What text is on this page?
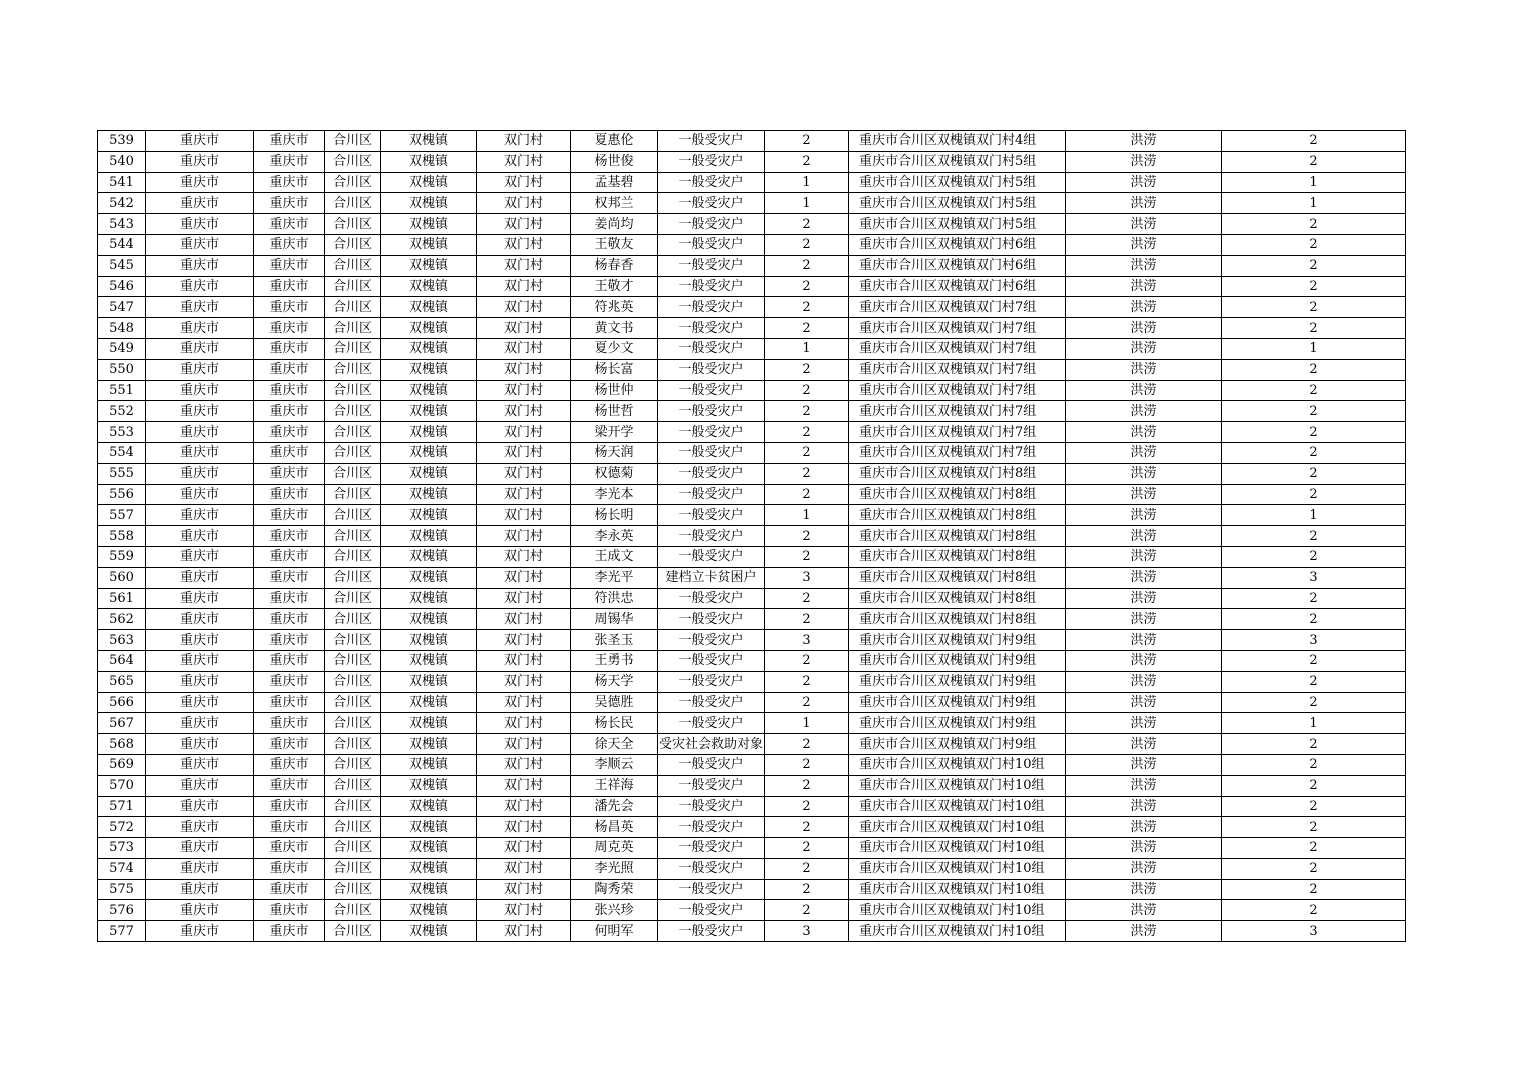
539	重庆市	重庆市	合川区	双槐镇	双门村	夏惠伦	一般受灾户	2	重庆市合川区双槐镇双门村4组	洪涝	2
540	重庆市	重庆市	合川区	双槐镇	双门村	杨世俊	一般受灾户	2	重庆市合川区双槐镇双门村5组	洪涝	2
541	重庆市	重庆市	合川区	双槐镇	双门村	孟基碧	一般受灾户	1	重庆市合川区双槐镇双门村5组	洪涝	1
542	重庆市	重庆市	合川区	双槐镇	双门村	权邦兰	一般受灾户	1	重庆市合川区双槐镇双门村5组	洪涝	1
543	重庆市	重庆市	合川区	双槐镇	双门村	姜尚均	一般受灾户	2	重庆市合川区双槐镇双门村5组	洪涝	2
544	重庆市	重庆市	合川区	双槐镇	双门村	王敬友	一般受灾户	2	重庆市合川区双槐镇双门村6组	洪涝	2
545	重庆市	重庆市	合川区	双槐镇	双门村	杨春香	一般受灾户	2	重庆市合川区双槐镇双门村6组	洪涝	2
546	重庆市	重庆市	合川区	双槐镇	双门村	王敬才	一般受灾户	2	重庆市合川区双槐镇双门村6组	洪涝	2
547	重庆市	重庆市	合川区	双槐镇	双门村	符兆英	一般受灾户	2	重庆市合川区双槐镇双门村7组	洪涝	2
548	重庆市	重庆市	合川区	双槐镇	双门村	黄文书	一般受灾户	2	重庆市合川区双槐镇双门村7组	洪涝	2
549	重庆市	重庆市	合川区	双槐镇	双门村	夏少文	一般受灾户	1	重庆市合川区双槐镇双门村7组	洪涝	1
550	重庆市	重庆市	合川区	双槐镇	双门村	杨长富	一般受灾户	2	重庆市合川区双槐镇双门村7组	洪涝	2
551	重庆市	重庆市	合川区	双槐镇	双门村	杨世仲	一般受灾户	2	重庆市合川区双槐镇双门村7组	洪涝	2
552	重庆市	重庆市	合川区	双槐镇	双门村	杨世哲	一般受灾户	2	重庆市合川区双槐镇双门村7组	洪涝	2
553	重庆市	重庆市	合川区	双槐镇	双门村	梁开学	一般受灾户	2	重庆市合川区双槐镇双门村7组	洪涝	2
554	重庆市	重庆市	合川区	双槐镇	双门村	杨天润	一般受灾户	2	重庆市合川区双槐镇双门村7组	洪涝	2
555	重庆市	重庆市	合川区	双槐镇	双门村	权德菊	一般受灾户	2	重庆市合川区双槐镇双门村8组	洪涝	2
556	重庆市	重庆市	合川区	双槐镇	双门村	李光本	一般受灾户	2	重庆市合川区双槐镇双门村8组	洪涝	2
557	重庆市	重庆市	合川区	双槐镇	双门村	杨长明	一般受灾户	1	重庆市合川区双槐镇双门村8组	洪涝	1
558	重庆市	重庆市	合川区	双槐镇	双门村	李永英	一般受灾户	2	重庆市合川区双槐镇双门村8组	洪涝	2
559	重庆市	重庆市	合川区	双槐镇	双门村	王成文	一般受灾户	2	重庆市合川区双槐镇双门村8组	洪涝	2
560	重庆市	重庆市	合川区	双槐镇	双门村	李光平	建档立卡贫困户	3	重庆市合川区双槐镇双门村8组	洪涝	3
561	重庆市	重庆市	合川区	双槐镇	双门村	符洪忠	一般受灾户	2	重庆市合川区双槐镇双门村8组	洪涝	2
562	重庆市	重庆市	合川区	双槐镇	双门村	周锡华	一般受灾户	2	重庆市合川区双槐镇双门村8组	洪涝	2
563	重庆市	重庆市	合川区	双槐镇	双门村	张圣玉	一般受灾户	3	重庆市合川区双槐镇双门村9组	洪涝	3
564	重庆市	重庆市	合川区	双槐镇	双门村	王勇书	一般受灾户	2	重庆市合川区双槐镇双门村9组	洪涝	2
565	重庆市	重庆市	合川区	双槐镇	双门村	杨天学	一般受灾户	2	重庆市合川区双槐镇双门村9组	洪涝	2
566	重庆市	重庆市	合川区	双槐镇	双门村	吴德胜	一般受灾户	2	重庆市合川区双槐镇双门村9组	洪涝	2
567	重庆市	重庆市	合川区	双槐镇	双门村	杨长民	一般受灾户	1	重庆市合川区双槐镇双门村9组	洪涝	1
568	重庆市	重庆市	合川区	双槐镇	双门村	徐天全	受灾社会救助对象	2	重庆市合川区双槐镇双门村9组	洪涝	2
569	重庆市	重庆市	合川区	双槐镇	双门村	李顺云	一般受灾户	2	重庆市合川区双槐镇双门村10组	洪涝	2
570	重庆市	重庆市	合川区	双槐镇	双门村	王祥海	一般受灾户	2	重庆市合川区双槐镇双门村10组	洪涝	2
571	重庆市	重庆市	合川区	双槐镇	双门村	潘先会	一般受灾户	2	重庆市合川区双槐镇双门村10组	洪涝	2
572	重庆市	重庆市	合川区	双槐镇	双门村	杨昌英	一般受灾户	2	重庆市合川区双槐镇双门村10组	洪涝	2
573	重庆市	重庆市	合川区	双槐镇	双门村	周克英	一般受灾户	2	重庆市合川区双槐镇双门村10组	洪涝	2
574	重庆市	重庆市	合川区	双槐镇	双门村	李光照	一般受灾户	2	重庆市合川区双槐镇双门村10组	洪涝	2
575	重庆市	重庆市	合川区	双槐镇	双门村	陶秀荣	一般受灾户	2	重庆市合川区双槐镇双门村10组	洪涝	2
576	重庆市	重庆市	合川区	双槐镇	双门村	张兴珍	一般受灾户	2	重庆市合川区双槐镇双门村10组	洪涝	2
577	重庆市	重庆市	合川区	双槐镇	双门村	何明军	一般受灾户	3	重庆市合川区双槐镇双门村10组	洪涝	3
